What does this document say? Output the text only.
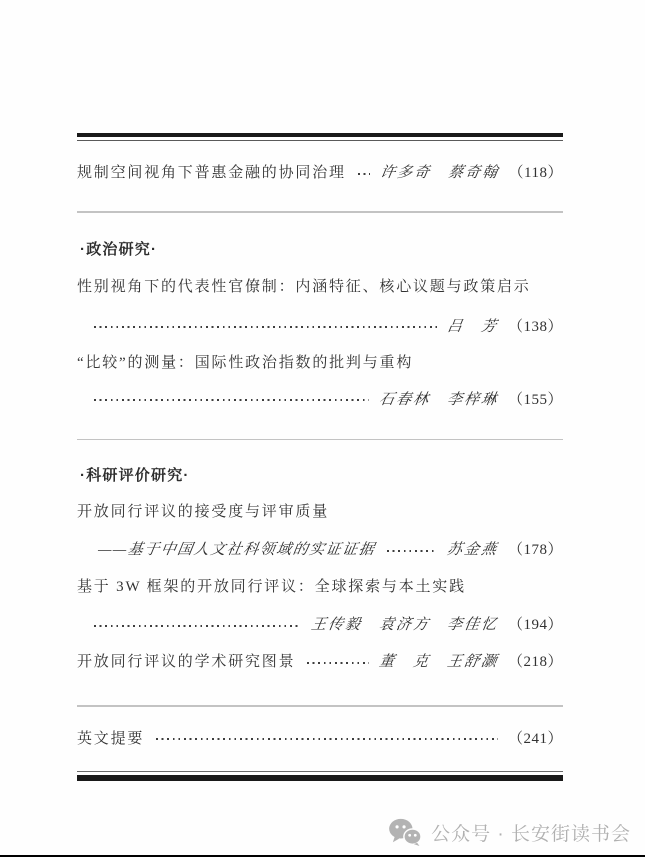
规制空间视角下普惠金融的协同治理 许多奇　蔡奇翰 （118）
·政治研究·
性别视角下的代表性官僚制：内涵特征、核心议题与政策启示
吕　芳 （138）
“比较”的测量：国际性政治指数的批判与重构
石春林　李梓琳 （155）
·科研评价研究·
开放同行评议的接受度与评审质量
——基于中国人文社科领域的实证证据	苏金燕 （178）
基于 3W 框架的开放同行评议：全球探索与本土实践
王传毅　袁济方　李佳忆 （194）
开放同行评议的学术研究图景	董　克　王舒灏 （218）
英文提要	（241）
公众号 · 长安街读书会
